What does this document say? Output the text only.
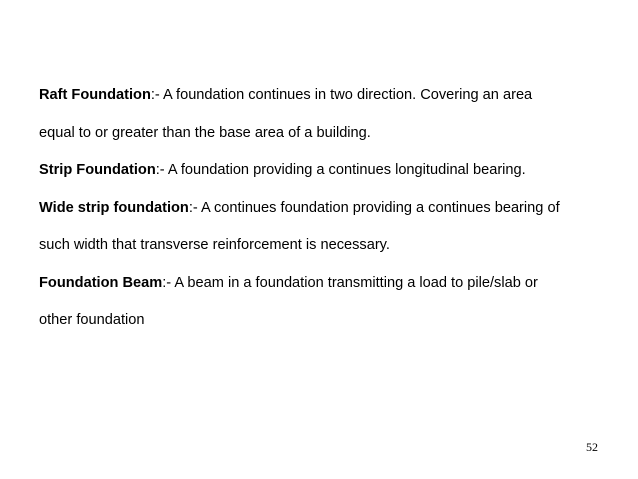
Raft Foundation:- A foundation continues in two direction. Covering an area
equal to or greater than the base area of a building.
Strip Foundation:- A foundation providing a continues longitudinal bearing.
Wide strip foundation:- A continues foundation providing a continues bearing of
such width that transverse reinforcement is necessary.
Foundation Beam:- A beam in a foundation transmitting a load to pile/slab or
other foundation
52
